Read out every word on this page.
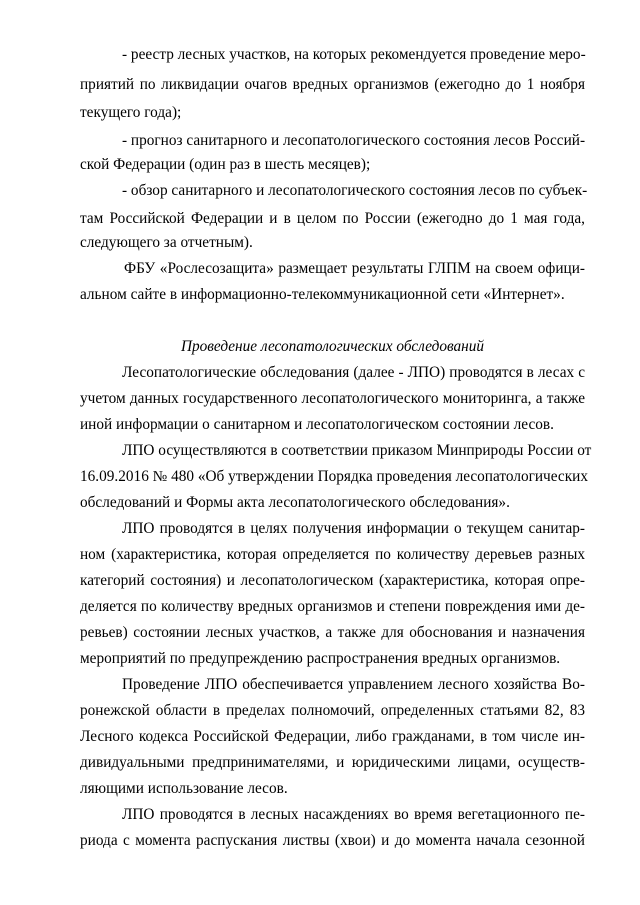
- реестр лесных участков, на которых рекомендуется проведение меро-
приятий по ликвидации очагов вредных организмов (ежегодно до 1 ноября
текущего года);
- прогноз санитарного и лесопатологического состояния лесов Россий-
ской Федерации (один раз в шесть месяцев);
- обзор санитарного и лесопатологического состояния лесов по субъек-
там Российской Федерации и в целом по России (ежегодно до 1 мая года,
следующего за отчетным).
ФБУ «Рослесозащита» размещает результаты ГЛПМ на своем офици-
альном сайте в информационно-телекоммуникационной сети «Интернет».
Проведение лесопатологических обследований
Лесопатологические обследования (далее - ЛПО) проводятся в лесах с
учетом данных государственного лесопатологического мониторинга, а также
иной информации о санитарном и лесопатологическом состоянии лесов.
ЛПО осуществляются в соответствии приказом Минприроды России от
16.09.2016 № 480 «Об утверждении Порядка проведения лесопатологических
обследований и Формы акта лесопатологического обследования».
ЛПО проводятся в целях получения информации о текущем санитар-
ном (характеристика, которая определяется по количеству деревьев разных
категорий состояния) и лесопатологическом (характеристика, которая опре-
деляется по количеству вредных организмов и степени повреждения ими де-
ревьев) состоянии лесных участков, а также для обоснования и назначения
мероприятий по предупреждению распространения вредных организмов.
Проведение ЛПО обеспечивается управлением лесного хозяйства Во-
ронежской области в пределах полномочий, определенных статьями 82, 83
Лесного кодекса Российской Федерации, либо гражданами, в том числе ин-
дивидуальными предпринимателями, и юридическими лицами, осуществ-
ляющими использование лесов.
ЛПО проводятся в лесных насаждениях во время вегетационного пе-
риода с момента распускания листвы (хвои) и до момента начала сезонной
